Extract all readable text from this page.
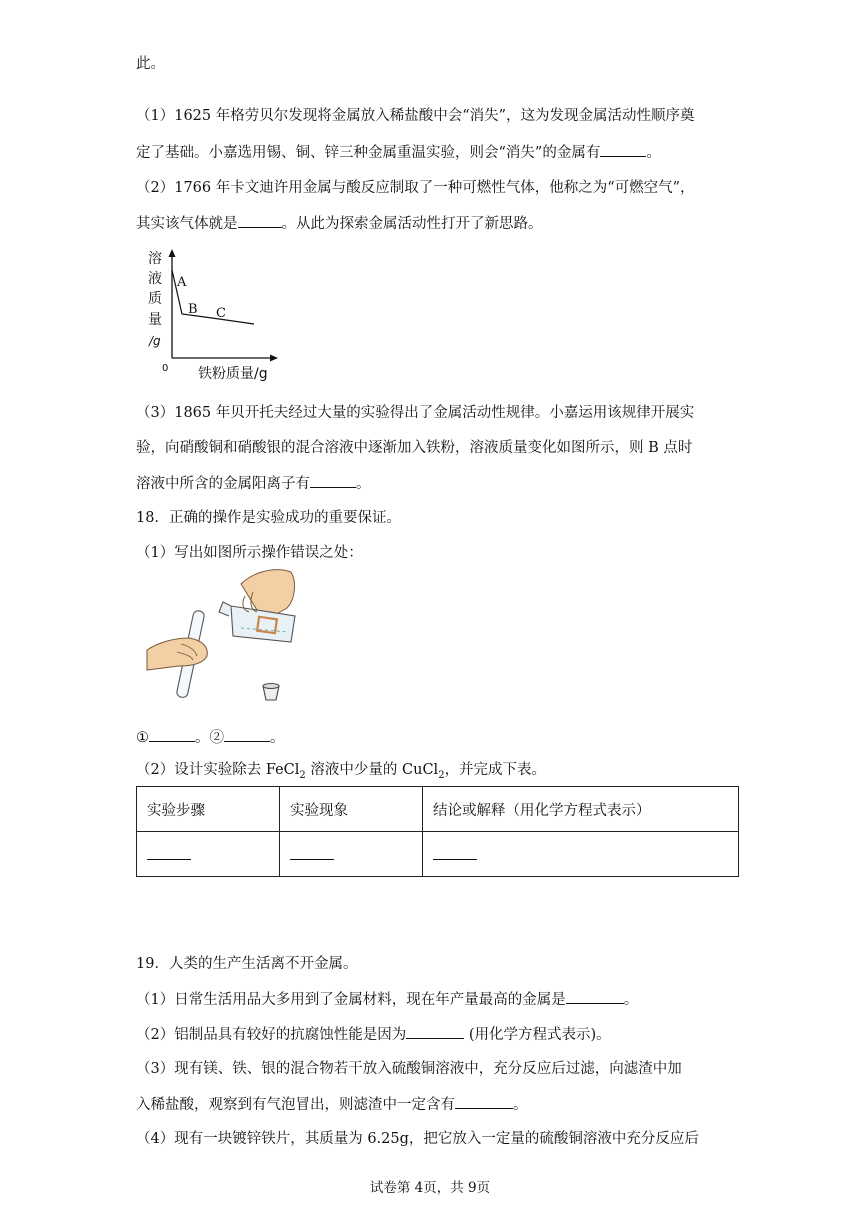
此。
（1）1625 年格劳贝尔发现将金属放入稀盐酸中会“消失”，这为发现金属活动性顺序奠
定了基础。小嘉选用锡、铜、锌三种金属重温实验，则会“消失”的金属有	。
（2）1766 年卡文迪许用金属与酸反应制取了一种可燃性气体，他称之为“可燃空气”，
其实该气体就是	。从此为探索金属活动性打开了新思路。
溶
液
质
量
/g
0 铁粉质量/g
A
B C
（3）1865 年贝开托夫经过大量的实验得出了金属活动性规律。小嘉运用该规律开展实
验，向硝酸铜和硝酸银的混合溶液中逐渐加入铁粉，溶液质量变化如图所示，则 B 点时
溶液中所含的金属阳离子有	。
18．正确的操作是实验成功的重要保证。
（1）写出如图所示操作错误之处：
①	。②	。
（2）设计实验除去 FeCl$_2$ 溶液中少量的 CuCl$_2$，并完成下表。
实验步骤	实验现象	结论或解释（用化学方程式表示）

19．人类的生产生活离不开金属。
（1）日常生活用品大多用到了金属材料，现在年产量最高的金属是	。
（2）铝制品具有较好的抗腐蚀性能是因为	(用化学方程式表示)。
（3）现有镁、铁、银的混合物若干放入硫酸铜溶液中，充分反应后过滤，向滤渣中加
入稀盐酸，观察到有气泡冒出，则滤渣中一定含有	。
（4）现有一块镀锌铁片，其质量为 6.25g，把它放入一定量的硫酸铜溶液中充分反应后
试卷第 4页，共 9页
